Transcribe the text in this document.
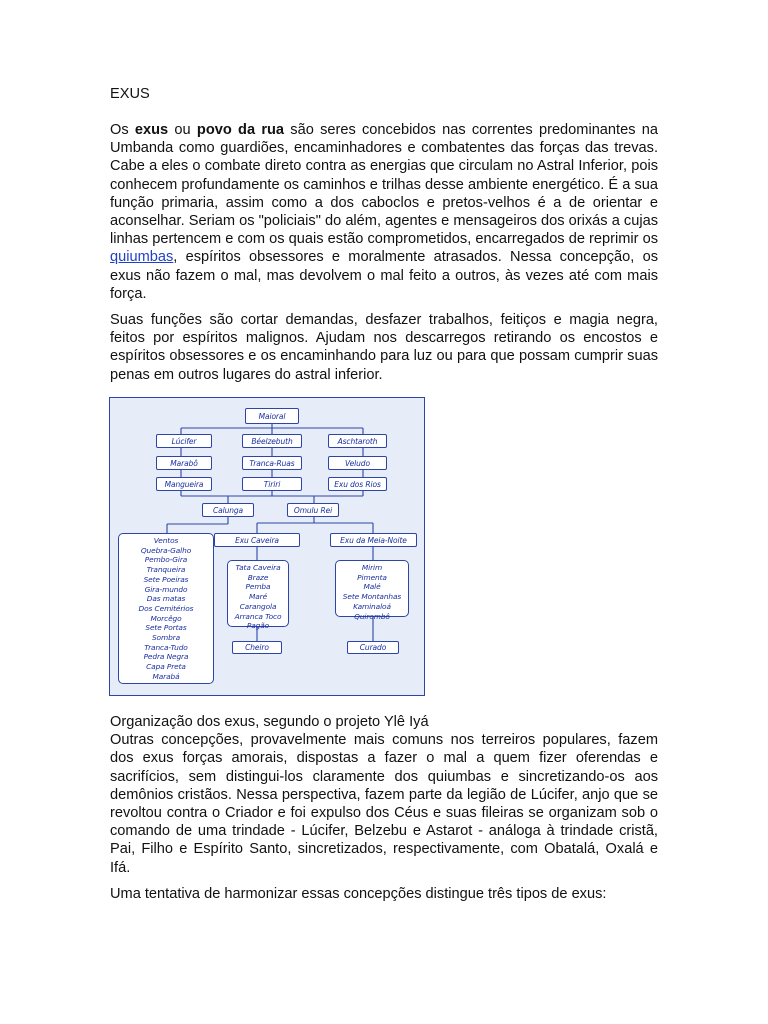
EXUS

Os exus ou povo da rua são seres concebidos nas correntes predominantes na Umbanda como guardiões, encaminhadores e combatentes das forças das trevas. Cabe a eles o combate direto contra as energias que circulam no Astral Inferior, pois conhecem profundamente os caminhos e trilhas desse ambiente energético. É a sua função primaria, assim como a dos caboclos e pretos-velhos é a de orientar e aconselhar. Seriam os "policiais" do além, agentes e mensageiros dos orixás a cujas linhas pertencem e com os quais estão comprometidos, encarregados de reprimir os quiumbas, espíritos obsessores e moralmente atrasados. Nessa concepção, os exus não fazem o mal, mas devolvem o mal feito a outros, às vezes até com mais força.

Suas funções são cortar demandas, desfazer trabalhos, feitiços e magia negra, feitos por espíritos malignos. Ajudam nos descarregos retirando os encostos e espíritos obsessores e os encaminhando para luz ou para que possam cumprir suas penas em outros lugares do astral inferior.

Maioral
Lúcifer
Marabô
Mangueira
Béelzebuth
Tranca-Ruas
Tiriri
Aschtaroth
Veludo
Exu dos Rios
Calunga	Omulu Rei
Exu Caveira	Exu da Meia-Noite
Ventos
Quebra-Galho
Pembo-Gira
Tranqueira
Sete Poeiras
Gira-mundo
Das matas
Dos Cemitérios
Morcêgo
Sete Portas
Sombra
Tranca-Tudo
Pedra Negra
Capa Preta
Marabá
Tata Caveira
Braze
Pemba
Maré
Carangola
Arranca Toco
Pagão
Mirim
Pimenta
Malé
Sete Montanhas
Kaminaloá
Quirombô
Cheiro	Curado

Organização dos exus, segundo o projeto Ylê Iyá

Outras concepções, provavelmente mais comuns nos terreiros populares, fazem dos exus forças amorais, dispostas a fazer o mal a quem fizer oferendas e sacrifícios, sem distingui-los claramente dos quiumbas e sincretizando-os aos demônios cristãos. Nessa perspectiva, fazem parte da legião de Lúcifer, anjo que se revoltou contra o Criador e foi expulso dos Céus e suas fileiras se organizam sob o comando de uma trindade - Lúcifer, Belzebu e Astarot - análoga à trindade cristã, Pai, Filho e Espírito Santo, sincretizados, respectivamente, com Obatalá, Oxalá e Ifá.

Uma tentativa de harmonizar essas concepções distingue três tipos de exus:
